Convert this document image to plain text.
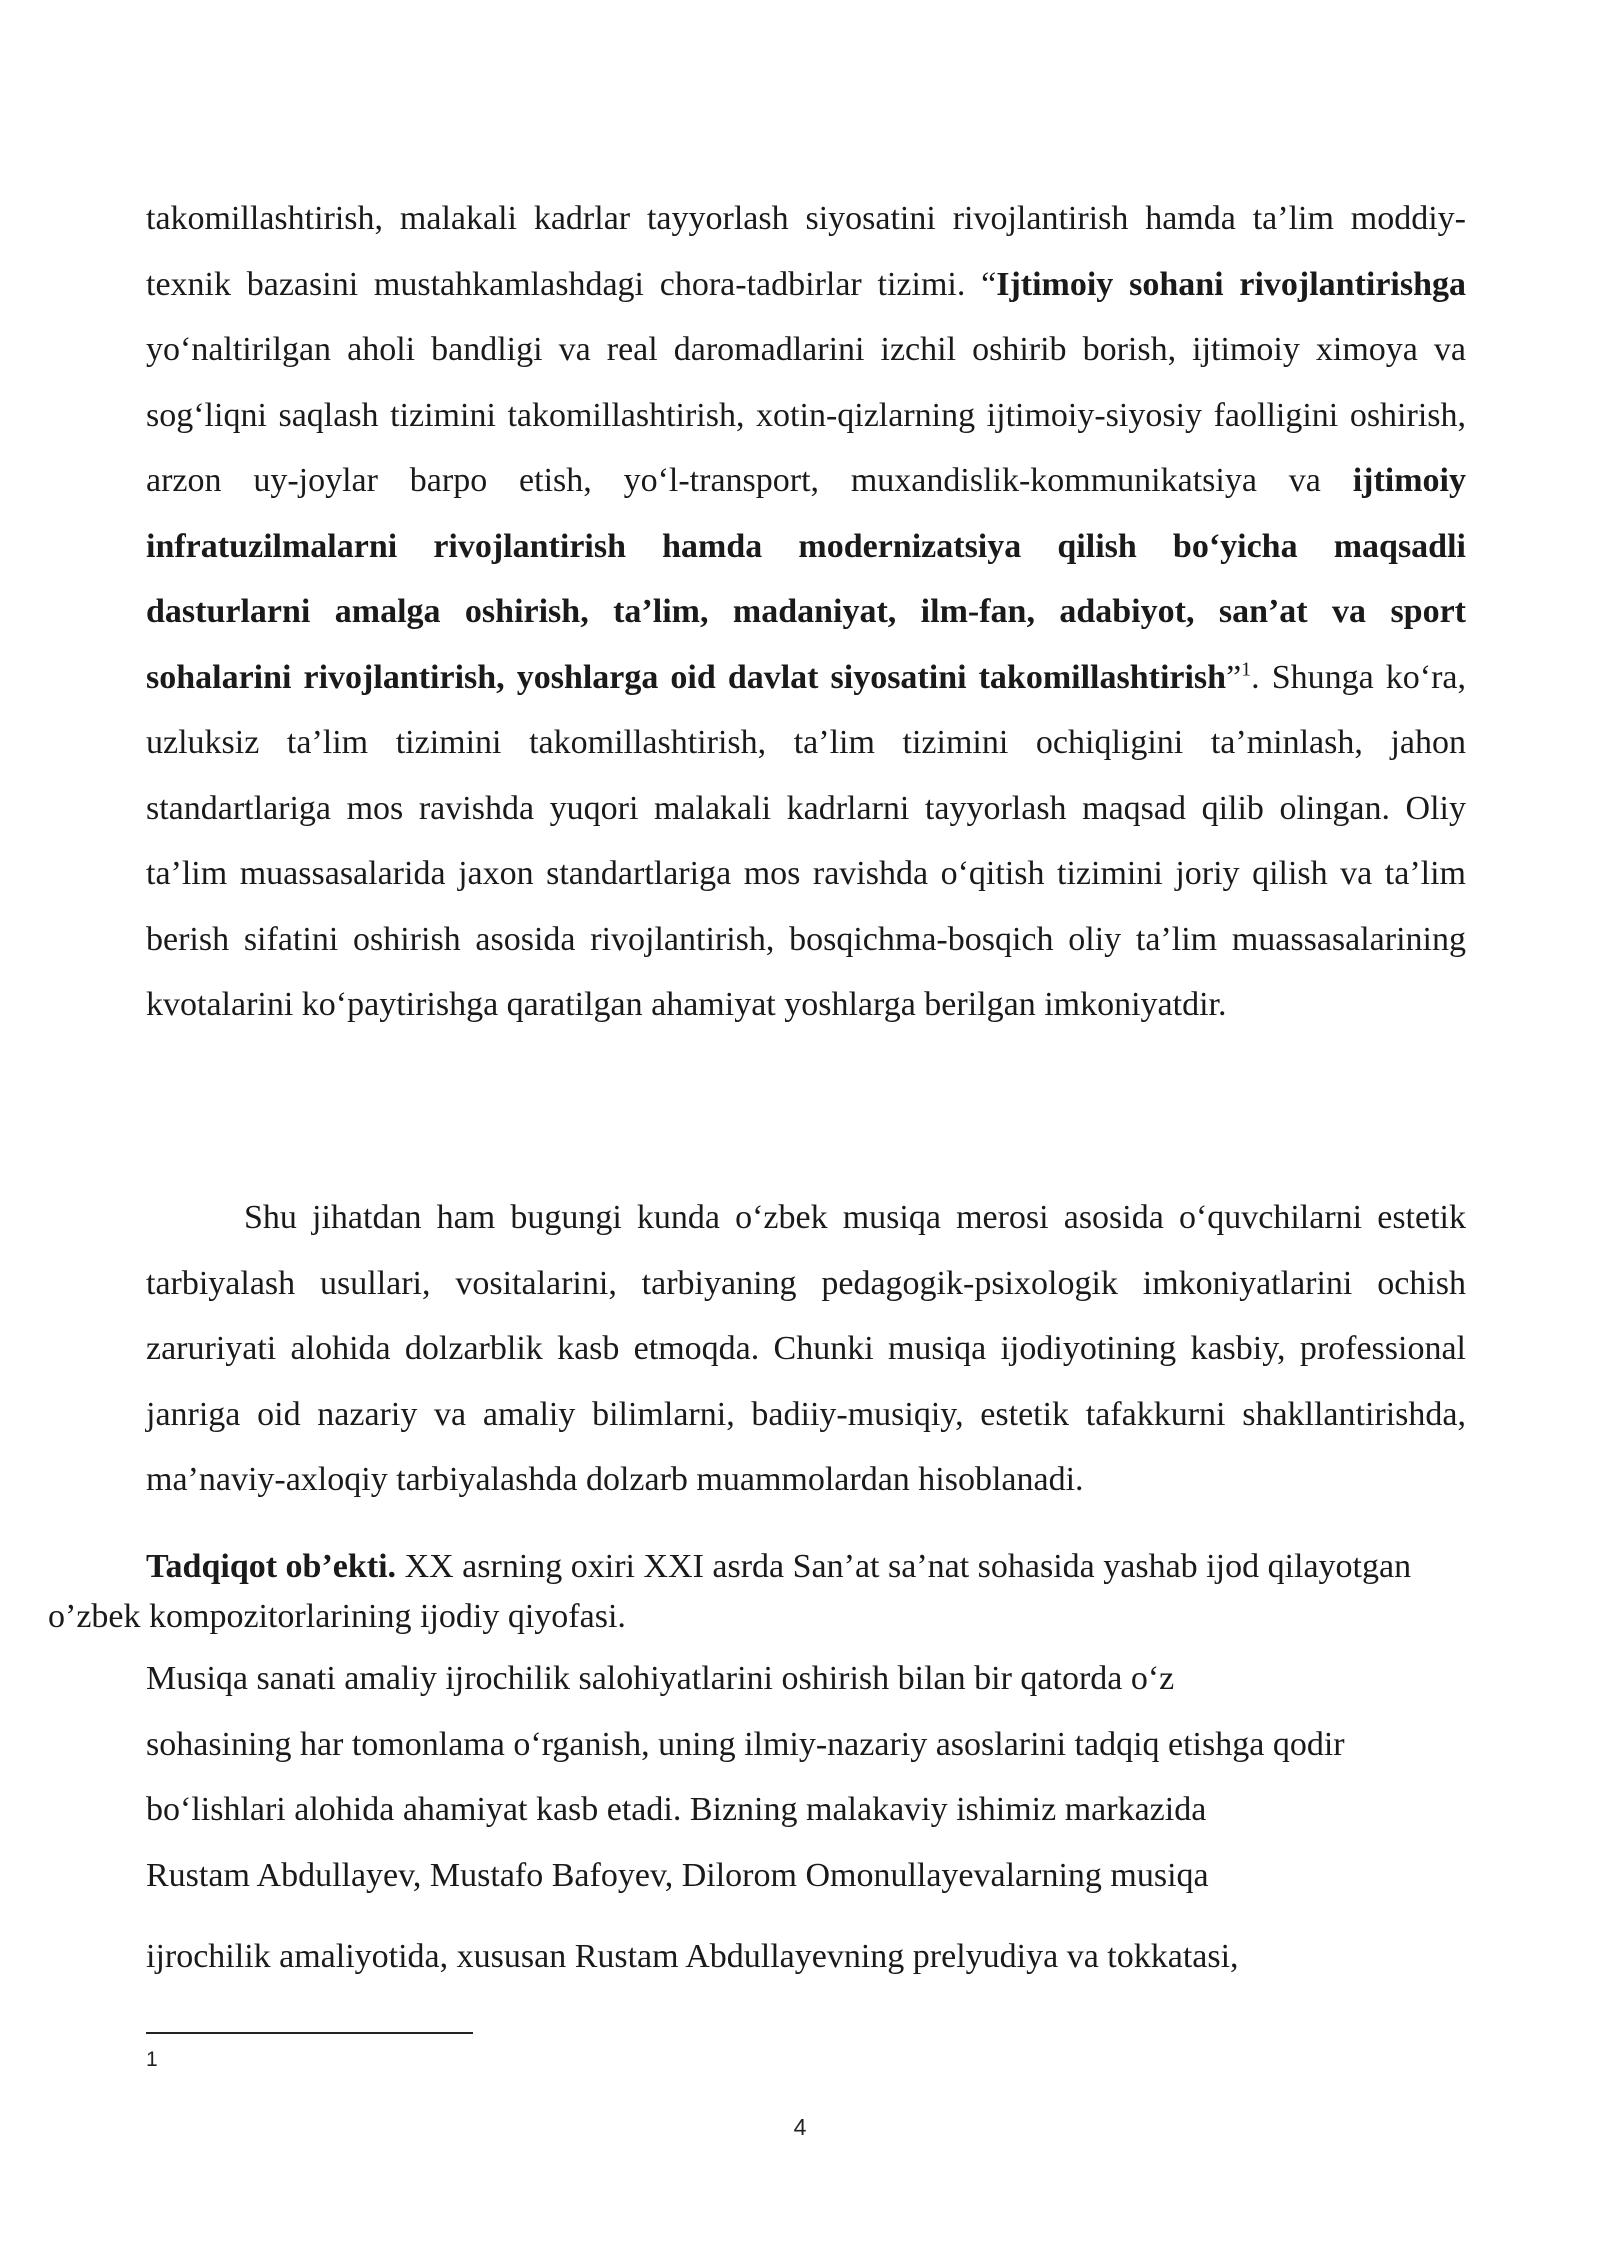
takomillashtirish, malakali kadrlar tayyorlash siyosatini rivojlantirish hamda ta’lim moddiy-texnik bazasini mustahkamlashdagi chora-tadbirlar tizimi. “Ijtimoiy sohani rivojlantirishga yo‘naltirilgan aholi bandligi va real daromadlarini izchil oshirib borish, ijtimoiy ximoya va sog‘liqni saqlash tizimini takomillashtirish, xotin-qizlarning ijtimoiy-siyosiy faolligini oshirish, arzon uy-joylar barpo etish, yo‘l-transport, muxandislik-kommunikatsiya va ijtimoiy infratuzilmalarni rivojlantirish hamda modernizatsiya qilish bo‘yicha maqsadli dasturlarni amalga oshirish, ta’lim, madaniyat, ilm-fan, adabiyot, san’at va sport sohalarini rivojlantirish, yoshlarga oid davlat siyosatini takomillashtirish”$^1$. Shunga ko‘ra, uzluksiz ta’lim tizimini takomillashtirish, ta’lim tizimini ochiqligini ta’minlash, jahon standartlariga mos ravishda yuqori malakali kadrlarni tayyorlash maqsad qilib olingan. Oliy ta’lim muassasalarida jaxon standartlariga mos ravishda o‘qitish tizimini joriy qilish va ta’lim berish sifatini oshirish asosida rivojlantirish, bosqichma-bosqich oliy ta’lim muassasalarining kvotalarini ko‘paytirishga qaratilgan ahamiyat yoshlarga berilgan imkoniyatdir.
Shu jihatdan ham bugungi kunda o‘zbek musiqa merosi asosida o‘quvchilarni estetik tarbiyalash usullari, vositalarini, tarbiyaning pedagogik-psixologik imkoniyatlarini ochish zaruriyati alohida dolzarblik kasb etmoqda. Chunki musiqa ijodiyotining kasbiy, professional janriga oid nazariy va amaliy bilimlarni, badiiy-musiqiy, estetik tafakkurni shakllantirishda, ma’naviy-axloqiy tarbiyalashda dolzarb muammolardan hisoblanadi.
Tadqiqot ob’ekti. XX asrning oxiri XXI asrda San’at sa’nat sohasida yashab ijod qilayotgan o’zbek kompozitorlarining ijodiy qiyofasi.
Musiqa sanati amaliy ijrochilik salohiyatlarini oshirish bilan bir qatorda o‘z
sohasining har tomonlama o‘rganish, uning ilmiy-nazariy asoslarini tadqiq etishga qodir
bo‘lishlari alohida ahamiyat kasb etadi. Bizning malakaviy ishimiz markazida
Rustam Abdullayev, Mustafo Bafoyev, Dilorom Omonullayevalarning musiqa
ijrochilik amaliyotida, xususan Rustam Abdullayevning prelyudiya va tokkatasi,
1
4
